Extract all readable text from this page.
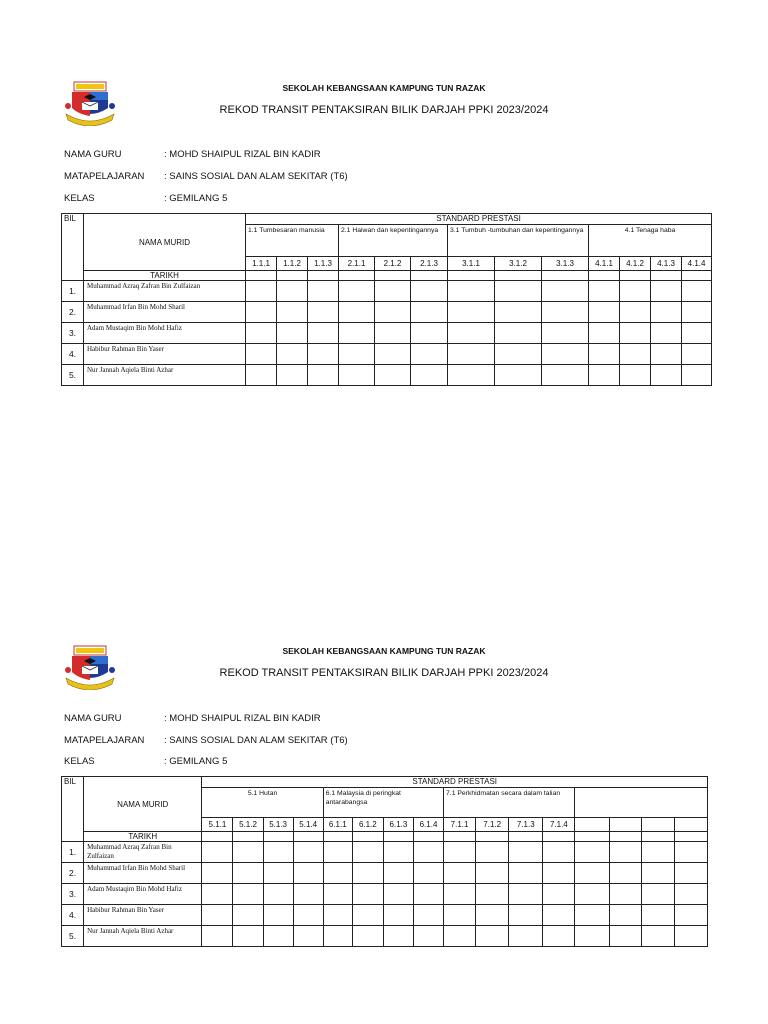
SEKOLAH KEBANGSAAN KAMPUNG TUN RAZAK
REKOD TRANSIT PENTAKSIRAN BILIK DARJAH PPKI 2023/2024
NAMA GURU	: MOHD SHAIPUL RIZAL BIN KADIR
MATAPELAJARAN : SAINS SOSIAL DAN ALAM SEKITAR (T6)
KELAS	: GEMILANG 5
BIL	NAMA MURID	STANDARD PRESTASI												
		1.1 Tumbesaran manusia			2.1 Haiwan dan kepentingannya			3.1 Tumbuh -tumbuhan dan kepentingannya			4.1 Tenaga haba			
		1.1.1	1.1.2	1.1.3	2.1.1	2.1.2	2.1.3	3.1.1	3.1.2	3.1.3	4.1.1	4.1.2	4.1.3	4.1.4
	TARIKH													
1.	Muhammad Azraq Zafran Bin Zulfaizan													
2.	Muhammad Irfan Bin Mohd Sharil													
3.	Adam Mustaqim Bin Mohd Hafiz													
4.	Habibur Rahman Bin Yaser													
5.	Nur Jannah Aqiela Binti Azhar													
SEKOLAH KEBANGSAAN KAMPUNG TUN RAZAK
REKOD TRANSIT PENTAKSIRAN BILIK DARJAH PPKI 2023/2024
NAMA GURU	: MOHD SHAIPUL RIZAL BIN KADIR
MATAPELAJARAN : SAINS SOSIAL DAN ALAM SEKITAR (T6)
KELAS	: GEMILANG 5
BIL	NAMA MURID	STANDARD PRESTASI															
		5.1 Hutan				6.1 Malaysia di peringkat antarabangsa				7.1 Perkhidmatan secara dalam talian							
		5.1.1	5.1.2	5.1.3	5.1.4	6.1.1	6.1.2	6.1.3	6.1.4	7.1.1	7.1.2	7.1.3	7.1.4				
	TARIKH																
1.	Muhammad Azraq Zafran Bin Zulfaizan																
2.	Muhammad Irfan Bin Mohd Sharil																
3.	Adam Mustaqim Bin Mohd Hafiz																
4.	Habibur Rahman Bin Yaser																
5.	Nur Jannah Aqiela Binti Azhar																
